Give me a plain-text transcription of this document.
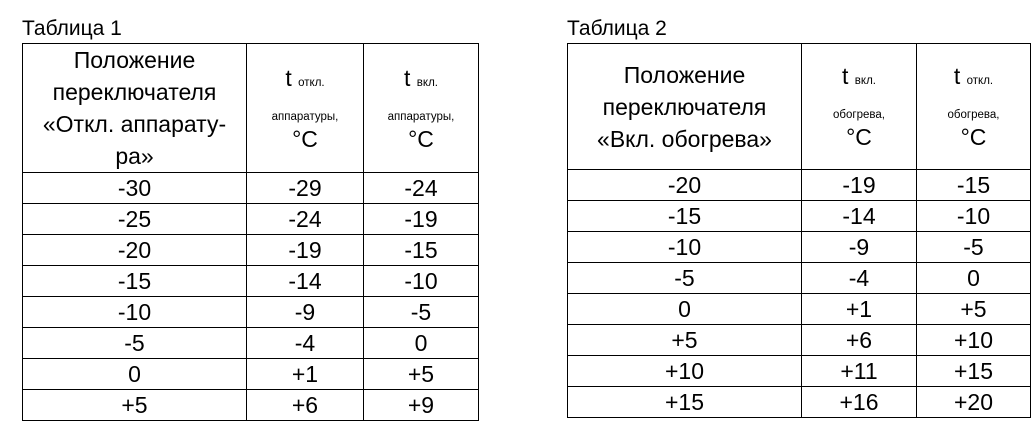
Таблица 1
Положение
переключателя
«Откл. аппарату-
ра»	t откл.
аппаратуры,
°С	t вкл.
аппаратуры,
°С

-30	-29	-24
-25	-24	-19
-20	-19	-15
-15	-14	-10
-10	-9	-5
-5	-4	0
0	+1	+5
+5	+6	+9
Таблица 2
Положение
переключателя
«Вкл. обогрева»	t вкл.
обогрева,
°С	t откл.
обогрева,
°С

-20	-19	-15
-15	-14	-10
-10	-9	-5
-5	-4	0
0	+1	+5
+5	+6	+10
+10	+11	+15
+15	+16	+20
